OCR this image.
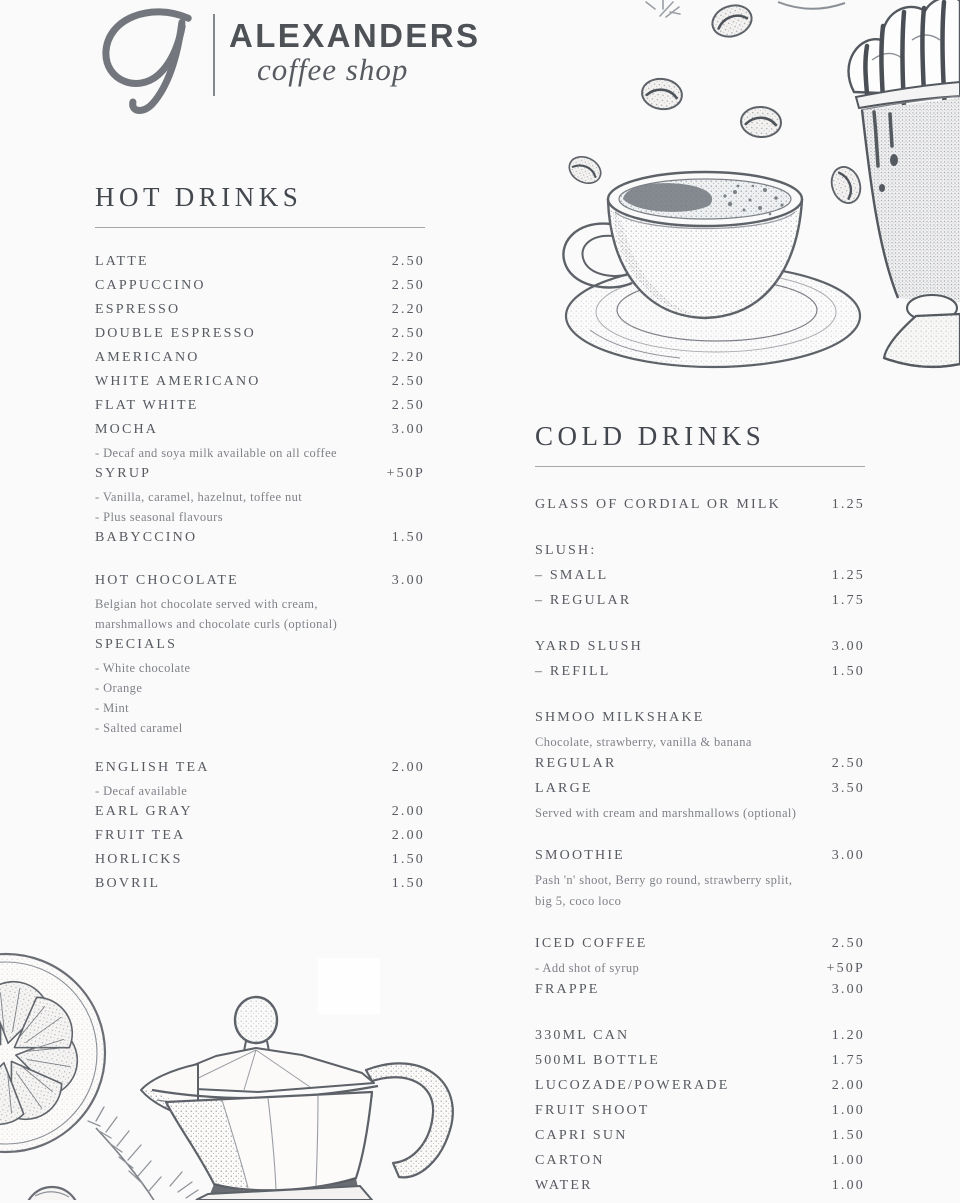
ALEXANDERS
coffee shop
HOT DRINKS
LATTE	2.50
CAPPUCCINO	2.50
ESPRESSO	2.20
DOUBLE ESPRESSO	2.50
AMERICANO	2.20
WHITE AMERICANO	2.50
FLAT WHITE	2.50
MOCHA	3.00
- Decaf and soya milk available on all coffee
SYRUP	+50P
- Vanilla, caramel, hazelnut, toffee nut
- Plus seasonal flavours
BABYCCINO	1.50
HOT CHOCOLATE	3.00
Belgian hot chocolate served with cream,
marshmallows and chocolate curls (optional)
SPECIALS
- White chocolate
- Orange
- Mint
- Salted caramel
ENGLISH TEA	2.00
- Decaf available
EARL GRAY	2.00
FRUIT TEA	2.00
HORLICKS	1.50
BOVRIL	1.50
COLD DRINKS
GLASS OF CORDIAL OR MILK	1.25
SLUSH:
– SMALL	1.25
– REGULAR	1.75
YARD SLUSH	3.00
– REFILL	1.50
SHMOO MILKSHAKE
Chocolate, strawberry, vanilla & banana
REGULAR	2.50
LARGE	3.50
Served with cream and marshmallows (optional)
SMOOTHIE	3.00
Pash 'n' shoot, Berry go round, strawberry split,
big 5, coco loco
ICED COFFEE	2.50
- Add shot of syrup	+50P
FRAPPE	3.00
330ML CAN	1.20
500ML BOTTLE	1.75
LUCOZADE/POWERADE	2.00
FRUIT SHOOT	1.00
CAPRI SUN	1.50
CARTON	1.00
WATER	1.00
